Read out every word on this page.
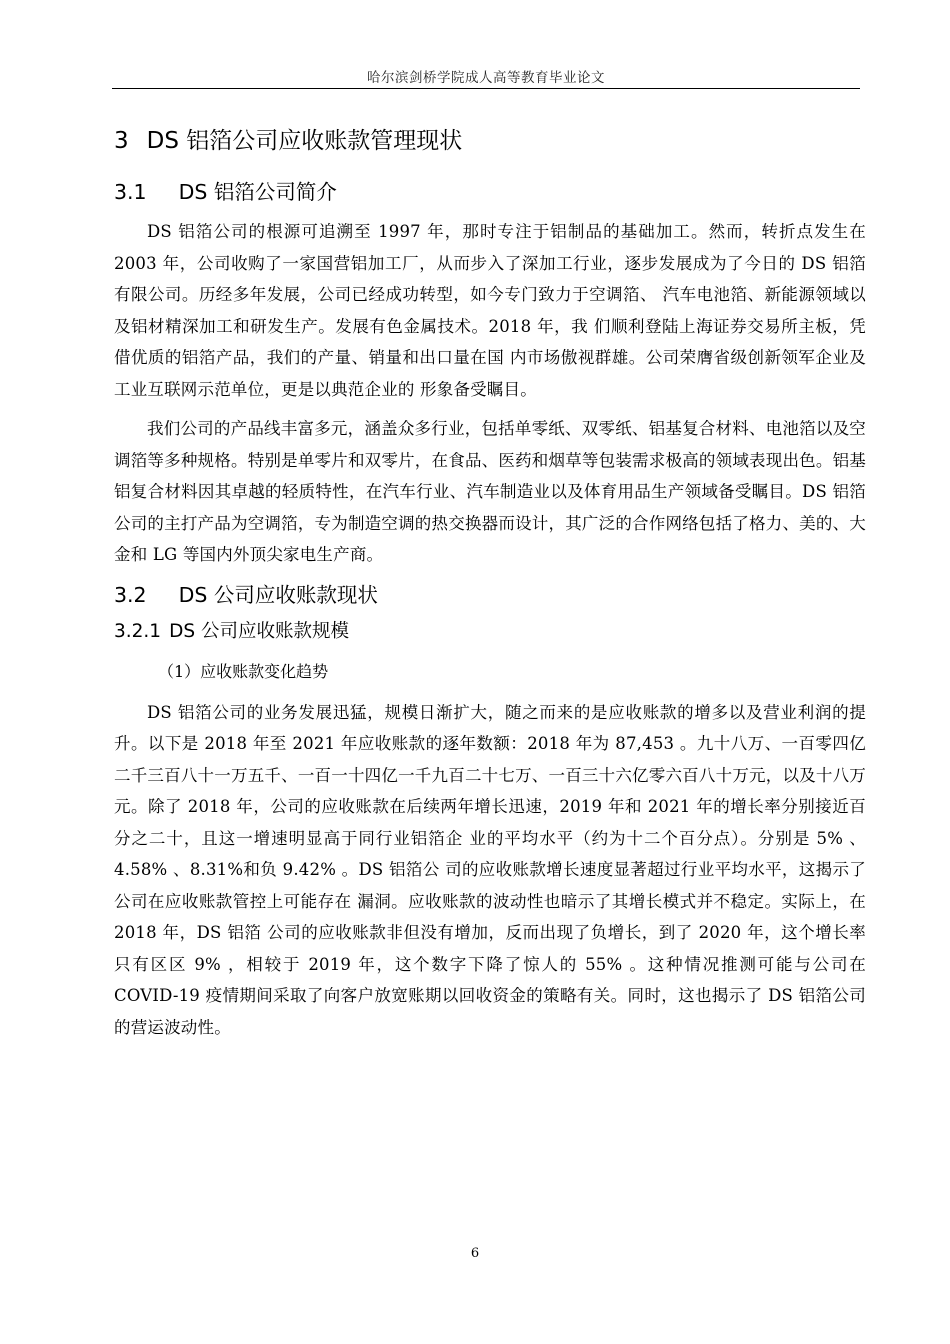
哈尔滨剑桥学院成人高等教育毕业论文
3 DS 铝箔公司应收账款管理现状
3.1 DS 铝箔公司简介

DS 铝箔公司的根源可追溯至 1997 年，那时专注于铝制品的基础加工。然而，转折点发生在 2003 年，公司收购了一家国营铝加工厂，从而步入了深加工行业，逐步发展成为了今日的 DS 铝箔有限公司。历经多年发展，公司已经成功转型，如今专门致力于空调箔、 汽车电池箔、新能源领域以及铝材精深加工和研发生产。发展有色金属技术。2018 年，我 们顺利登陆上海证券交易所主板，凭借优质的铝箔产品，我们的产量、销量和出口量在国 内市场傲视群雄。公司荣膺省级创新领军企业及工业互联网示范单位，更是以典范企业的 形象备受瞩目。

我们公司的产品线丰富多元，涵盖众多行业，包括单零纸、双零纸、铝基复合材料、电池箔以及空调箔等多种规格。特别是单零片和双零片，在食品、医药和烟草等包装需求极高的领域表现出色。铝基铝复合材料因其卓越的轻质特性，在汽车行业、汽车制造业以及体育用品生产领域备受瞩目。DS 铝箔公司的主打产品为空调箔，专为制造空调的热交换器而设计，其广泛的合作网络包括了格力、美的、大金和 LG 等国内外顶尖家电生产商。

3.2 DS 公司应收账款现状
3.2.1 DS 公司应收账款规模
（1）应收账款变化趋势

DS 铝箔公司的业务发展迅猛，规模日渐扩大，随之而来的是应收账款的增多以及营业利润的提升。以下是 2018 年至 2021 年应收账款的逐年数额：2018 年为 87,453 。九十八万、一百零四亿二千三百八十一万五千、一百一十四亿一千九百二十七万、一百三十六亿零六百八十万元，以及十八万元。除了 2018 年，公司的应收账款在后续两年增长迅速，2019 年和 2021 年的增长率分别接近百分之二十，且这一增速明显高于同行业铝箔企 业的平均水平（约为十二个百分点）。分别是 5% 、4.58% 、8.31%和负 9.42% 。DS 铝箔公 司的应收账款增长速度显著超过行业平均水平，这揭示了公司在应收账款管控上可能存在 漏洞。应收账款的波动性也暗示了其增长模式并不稳定。实际上，在 2018 年，DS 铝箔 公司的应收账款非但没有增加，反而出现了负增长，到了 2020 年，这个增长率只有区区 9% ，相较于 2019 年，这个数字下降了惊人的 55% 。这种情况推测可能与公司在 COVID-19 疫情期间采取了向客户放宽账期以回收资金的策略有关。同时，这也揭示了 DS 铝箔公司的营运波动性。

6
